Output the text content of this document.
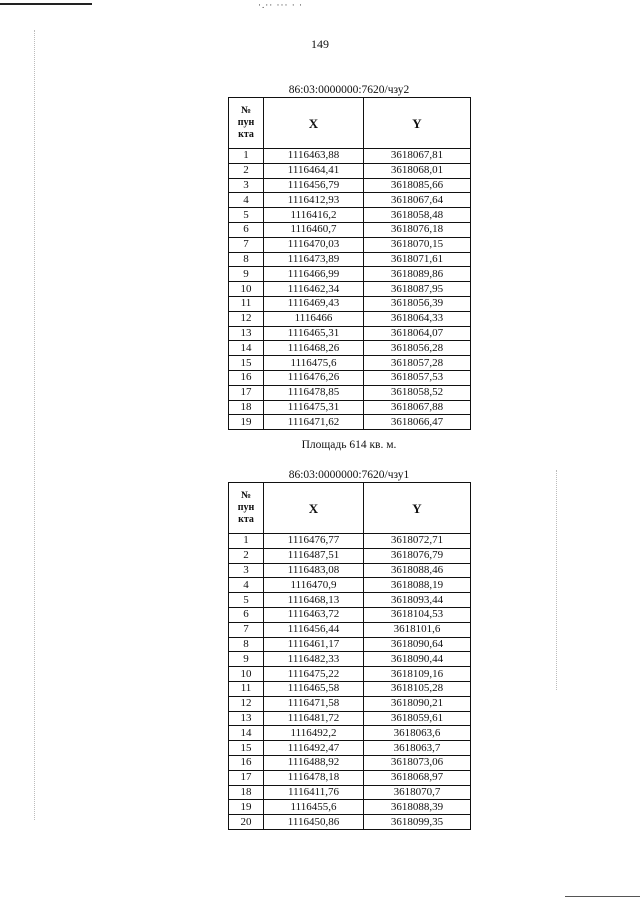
·.·· ··· · ·
149
86:03:0000000:7620/чзу2
№
пун
кта	X	Y
1	1116463,88	3618067,81
2	1116464,41	3618068,01
3	1116456,79	3618085,66
4	1116412,93	3618067,64
5	1116416,2	3618058,48
6	1116460,7	3618076,18
7	1116470,03	3618070,15
8	1116473,89	3618071,61
9	1116466,99	3618089,86
10	1116462,34	3618087,95
11	1116469,43	3618056,39
12	1116466	3618064,33
13	1116465,31	3618064,07
14	1116468,26	3618056,28
15	1116475,6	3618057,28
16	1116476,26	3618057,53
17	1116478,85	3618058,52
18	1116475,31	3618067,88
19	1116471,62	3618066,47
Площадь 614 кв. м.
86:03:0000000:7620/чзу1
№
пун
кта	X	Y
1	1116476,77	3618072,71
2	1116487,51	3618076,79
3	1116483,08	3618088,46
4	1116470,9	3618088,19
5	1116468,13	3618093,44
6	1116463,72	3618104,53
7	1116456,44	3618101,6
8	1116461,17	3618090,64
9	1116482,33	3618090,44
10	1116475,22	3618109,16
11	1116465,58	3618105,28
12	1116471,58	3618090,21
13	1116481,72	3618059,61
14	1116492,2	3618063,6
15	1116492,47	3618063,7
16	1116488,92	3618073,06
17	1116478,18	3618068,97
18	1116411,76	3618070,7
19	1116455,6	3618088,39
20	1116450,86	3618099,35
